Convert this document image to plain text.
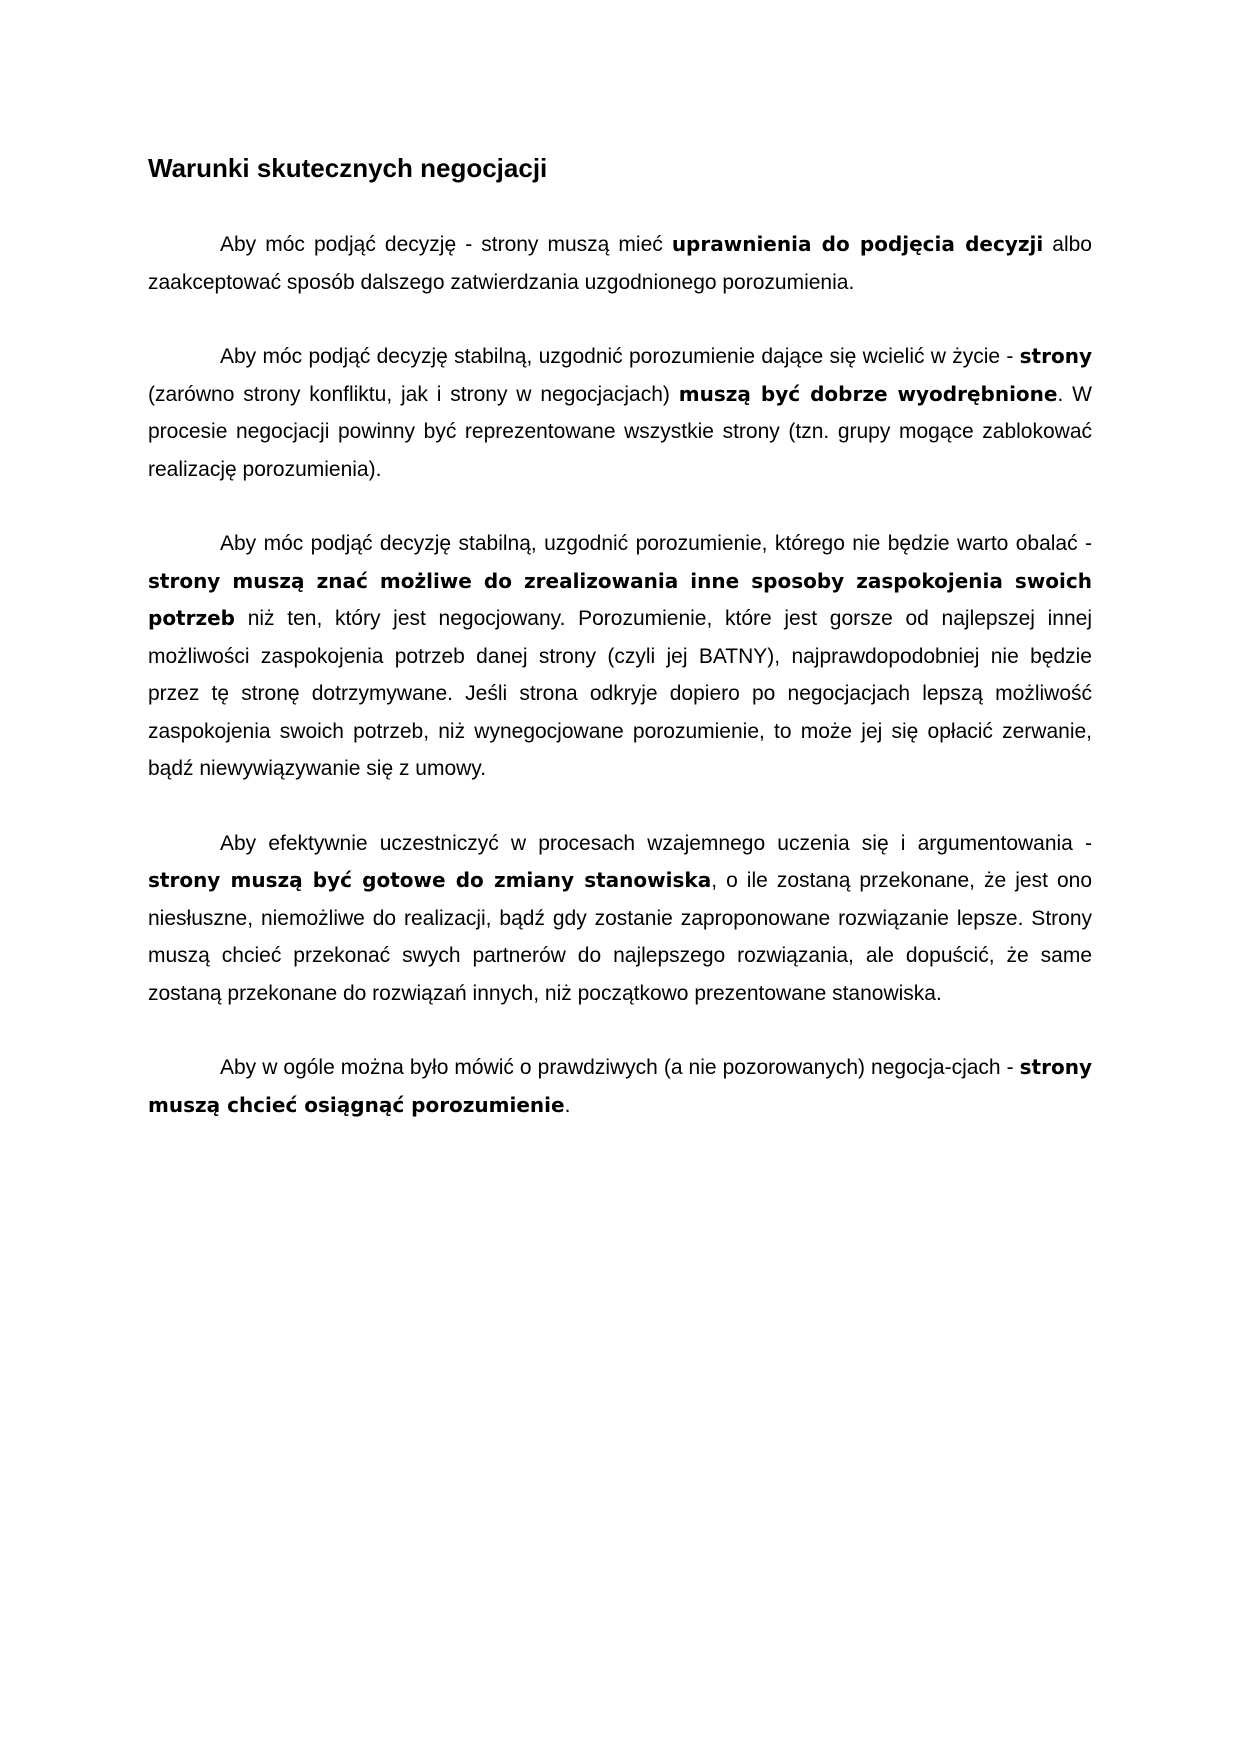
Warunki skutecznych negocjacji

Aby móc podjąć decyzję - strony muszą mieć uprawnienia do podjęcia decyzji albo zaakceptować sposób dalszego zatwierdzania uzgodnionego porozumienia.

Aby móc podjąć decyzję stabilną, uzgodnić porozumienie dające się wcielić w życie - strony (zarówno strony konfliktu, jak i strony w negocjacjach) muszą być dobrze wyodrębnione. W procesie negocjacji powinny być reprezentowane wszystkie strony (tzn. grupy mogące zablokować realizację porozumienia).

Aby móc podjąć decyzję stabilną, uzgodnić porozumienie, którego nie będzie warto obalać - strony muszą znać możliwe do zrealizowania inne sposoby zaspokojenia swoich potrzeb niż ten, który jest negocjowany. Porozumienie, które jest gorsze od najlepszej innej możliwości zaspokojenia potrzeb danej strony (czyli jej BATNY), najprawdopodobniej nie będzie przez tę stronę dotrzymywane. Jeśli strona odkryje dopiero po negocjacjach lepszą możliwość zaspokojenia swoich potrzeb, niż wynegocjowane porozumienie, to może jej się opłacić zerwanie, bądź niewywiązywanie się z umowy.

Aby efektywnie uczestniczyć w procesach wzajemnego uczenia się i argumentowania - strony muszą być gotowe do zmiany stanowiska, o ile zostaną przekonane, że jest ono niesłuszne, niemożliwe do realizacji, bądź gdy zostanie zaproponowane rozwiązanie lepsze. Strony muszą chcieć przekonać swych partnerów do najlepszego rozwiązania, ale dopuścić, że same zostaną przekonane do rozwiązań innych, niż początkowo prezentowane stanowiska.

Aby w ogóle można było mówić o prawdziwych (a nie pozorowanych) negocja-cjach - strony muszą chcieć osiągnąć porozumienie.
